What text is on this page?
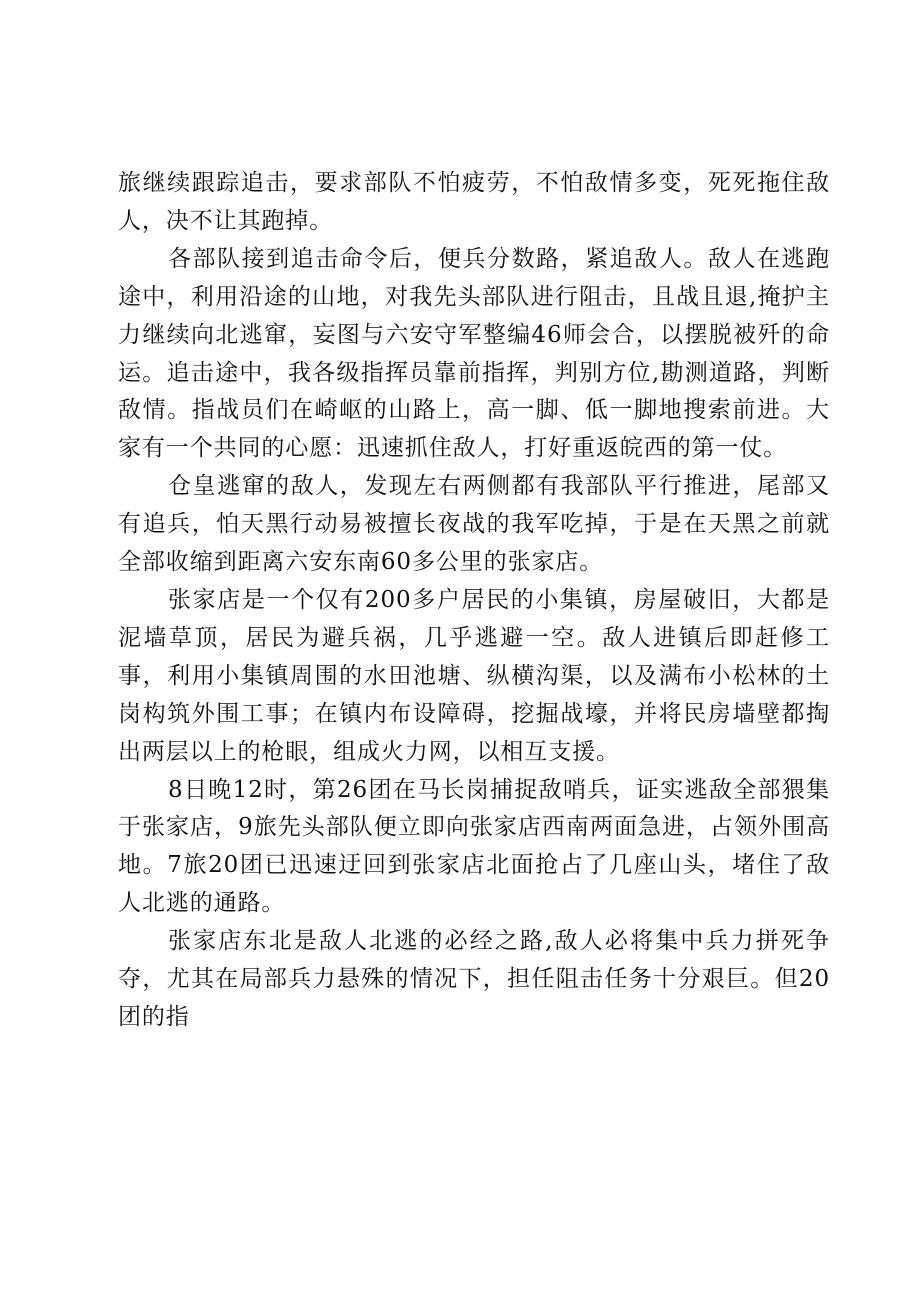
旅继续跟踪追击，要求部队不怕疲劳，不怕敌情多变，死死拖住敌人，决不让其跑掉。

各部队接到追击命令后，便兵分数路，紧追敌人。敌人在逃跑途中，利用沿途的山地，对我先头部队进行阻击，且战且退,掩护主力继续向北逃窜，妄图与六安守军整编46师会合，以摆脱被歼的命运。追击途中，我各级指挥员靠前指挥，判别方位,勘测道路，判断敌情。指战员们在崎岖的山路上，高一脚、低一脚地搜索前进。大家有一个共同的心愿：迅速抓住敌人，打好重返皖西的第一仗。

仓皇逃窜的敌人，发现左右两侧都有我部队平行推进，尾部又有追兵，怕天黑行动易被擅长夜战的我军吃掉，于是在天黑之前就全部收缩到距离六安东南60多公里的张家店。

张家店是一个仅有200多户居民的小集镇，房屋破旧，大都是泥墙草顶，居民为避兵祸，几乎逃避一空。敌人进镇后即赶修工事，利用小集镇周围的水田池塘、纵横沟渠，以及满布小松林的土岗构筑外围工事；在镇内布设障碍，挖掘战壕，并将民房墙壁都掏出两层以上的枪眼，组成火力网，以相互支援。

8日晚12时，第26团在马长岗捕捉敌哨兵，证实逃敌全部猥集于张家店，9旅先头部队便立即向张家店西南两面急进，占领外围高地。7旅20团已迅速迂回到张家店北面抢占了几座山头，堵住了敌人北逃的通路。

张家店东北是敌人北逃的必经之路,敌人必将集中兵力拼死争夺，尤其在局部兵力悬殊的情况下，担任阻击任务十分艰巨。但20团的指
